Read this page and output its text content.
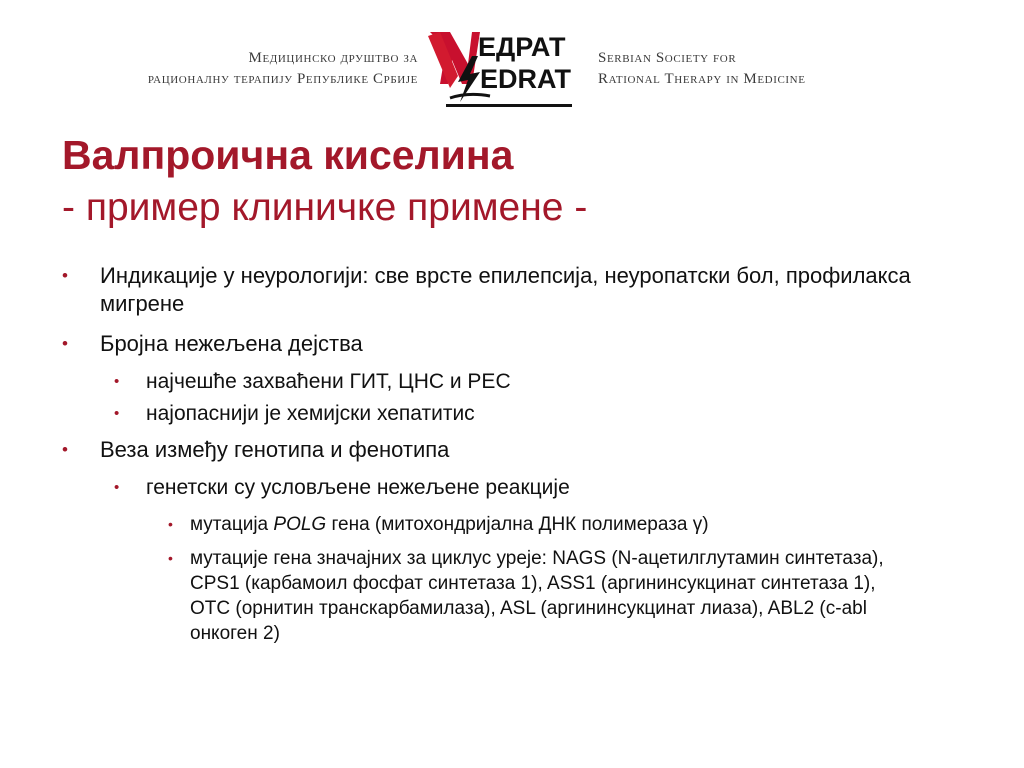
Медицинско друштво за
рационалну терапију Републике Србије
ЕДРАТ
EDRAT
Serbian Society for
Rational Therapy in Medicine
Валпроична киселина
- пример клиничке примене -
• Индикације у неурологији: све врсте епилепсија, неуропатски бол, профилакса мигрене
• Бројна нежељена дејства
• најчешће захваћени ГИТ, ЦНС и РЕС
• најопаснији је хемијски хепатитис
• Веза између генотипа и фенотипа
• генетски су условљене нежељене реакције
• мутација POLG гена (митохондријална ДНК полимераза γ)
• мутације гена значајних за циклус урeје: NAGS (N-ацетилглутамин синтетаза), CPS1 (карбамоил фосфат синтетаза 1), ASS1 (аргининсукцинат синтетаза 1), OTC (орнитин транскарбамилаза), ASL (аргининсукцинат лиаза), ABL2 (c-abl онкоген 2)
